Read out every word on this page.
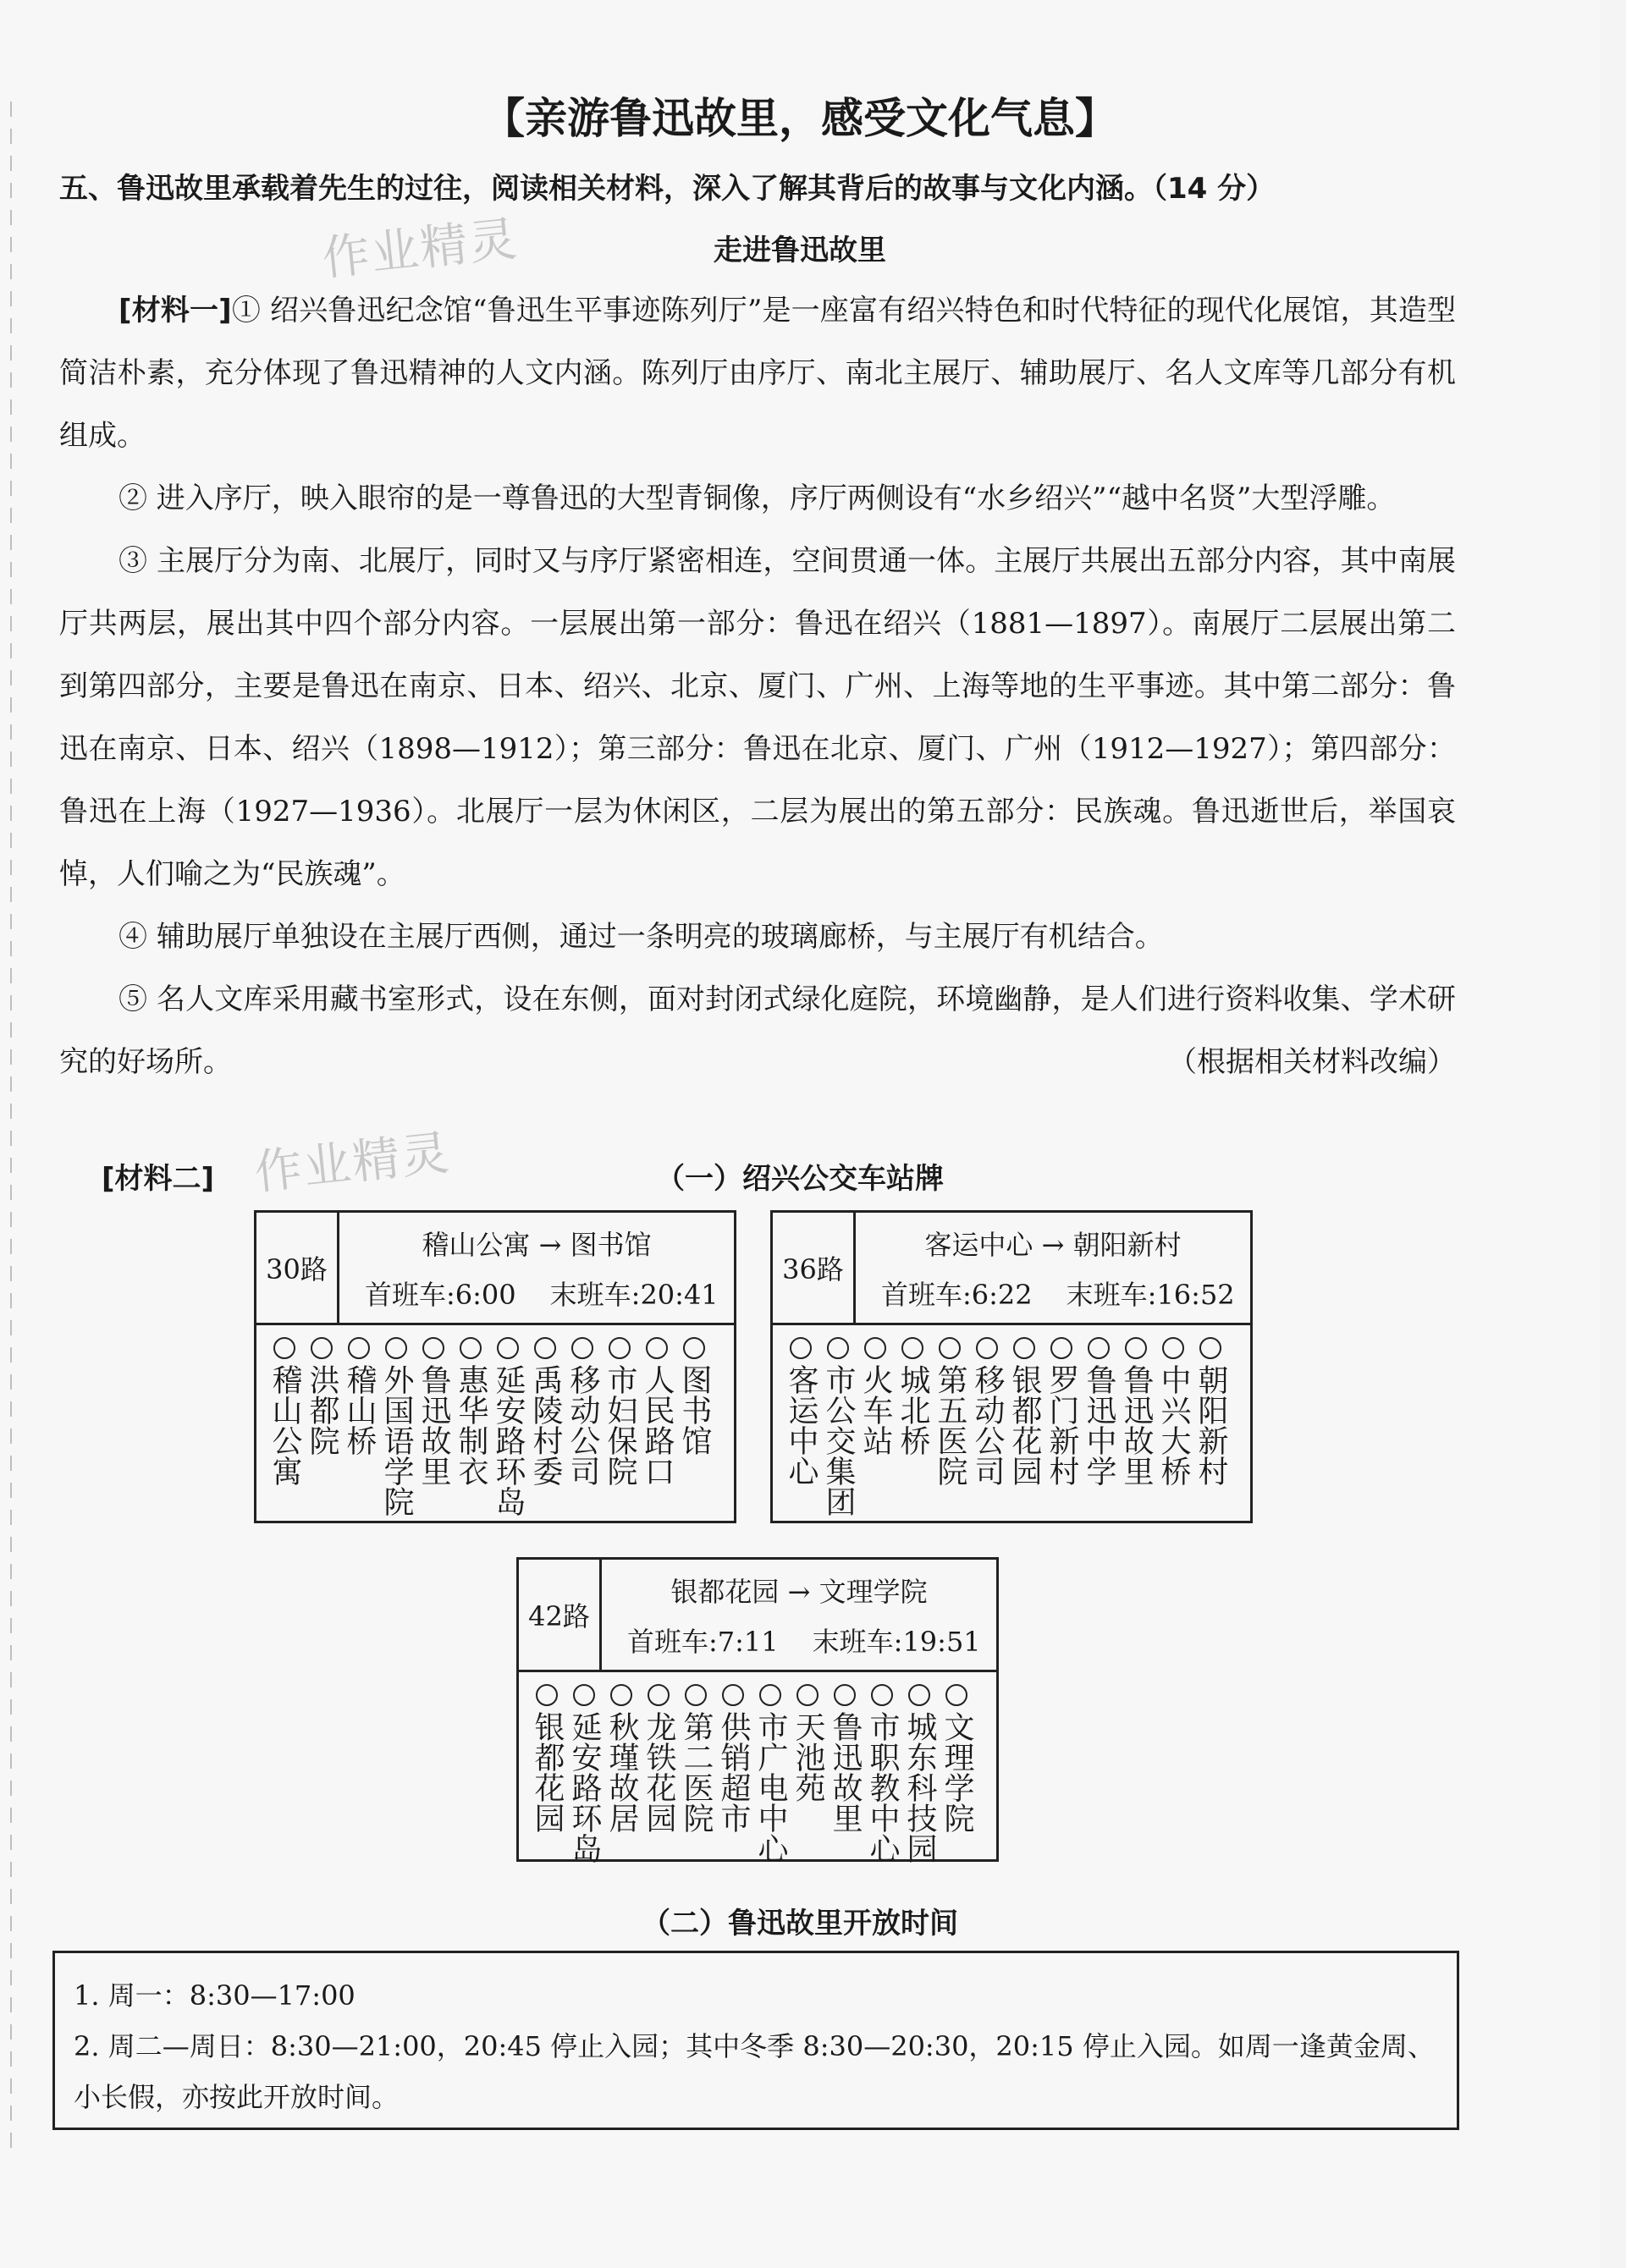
作业精灵
作业精灵
【亲游鲁迅故里，感受文化气息】
五、鲁迅故里承载着先生的过往，阅读相关材料，深入了解其背后的故事与文化内涵。（14 分）
走进鲁迅故里

[材料一]① 绍兴鲁迅纪念馆“鲁迅生平事迹陈列厅”是一座富有绍兴特色和时代特征的现代化展馆，其造型简洁朴素，充分体现了鲁迅精神的人文内涵。陈列厅由序厅、南北主展厅、辅助展厅、名人文库等几部分有机组成。

② 进入序厅，映入眼帘的是一尊鲁迅的大型青铜像，序厅两侧设有“水乡绍兴”“越中名贤”大型浮雕。

③ 主展厅分为南、北展厅，同时又与序厅紧密相连，空间贯通一体。主展厅共展出五部分内容，其中南展厅共两层，展出其中四个部分内容。一层展出第一部分：鲁迅在绍兴（1881—1897）。南展厅二层展出第二到第四部分，主要是鲁迅在南京、日本、绍兴、北京、厦门、广州、上海等地的生平事迹。其中第二部分：鲁迅在南京、日本、绍兴（1898—1912）；第三部分：鲁迅在北京、厦门、广州（1912—1927）；第四部分：鲁迅在上海（1927—1936）。北展厅一层为休闲区，二层为展出的第五部分：民族魂。鲁迅逝世后，举国哀悼，人们喻之为“民族魂”。

④ 辅助展厅单独设在主展厅西侧，通过一条明亮的玻璃廊桥，与主展厅有机结合。

⑤ 名人文库采用藏书室形式，设在东侧，面对封闭式绿化庭院，环境幽静，是人们进行资料收集、学术研究的好场所。	（根据相关材料改编）

[材料二]	（一）绍兴公交车站牌
30路
稽山公寓 → 图书馆
首班车:6:00 末班车:20:41
稽山公寓 洪都院 稽山桥 外国语学院 鲁迅故里 惠华制衣 延安路环岛 禹陵村委 移动公司 市妇保院 人民路口 图书馆
36路
客运中心 → 朝阳新村
首班车:6:22 末班车:16:52
客运中心 市公交集团 火车站 城北桥 第五医院 移动公司 银都花园 罗门新村 鲁迅中学 鲁迅故里 中兴大桥 朝阳新村
42路
银都花园 → 文理学院
首班车:7:11 末班车:19:51
银都花园 延安路环岛 秋瑾故居 龙铁花园 第二医院 供销超市 市广电中心 天池苑 鲁迅故里 市职教中心 城东科技园 文理学院
（二）鲁迅故里开放时间
1. 周一：8:30—17:00
2. 周二—周日：8:30—21:00，20:45 停止入园；其中冬季 8:30—20:30，20:15 停止入园。如周一逢黄金周、小长假，亦按此开放时间。
